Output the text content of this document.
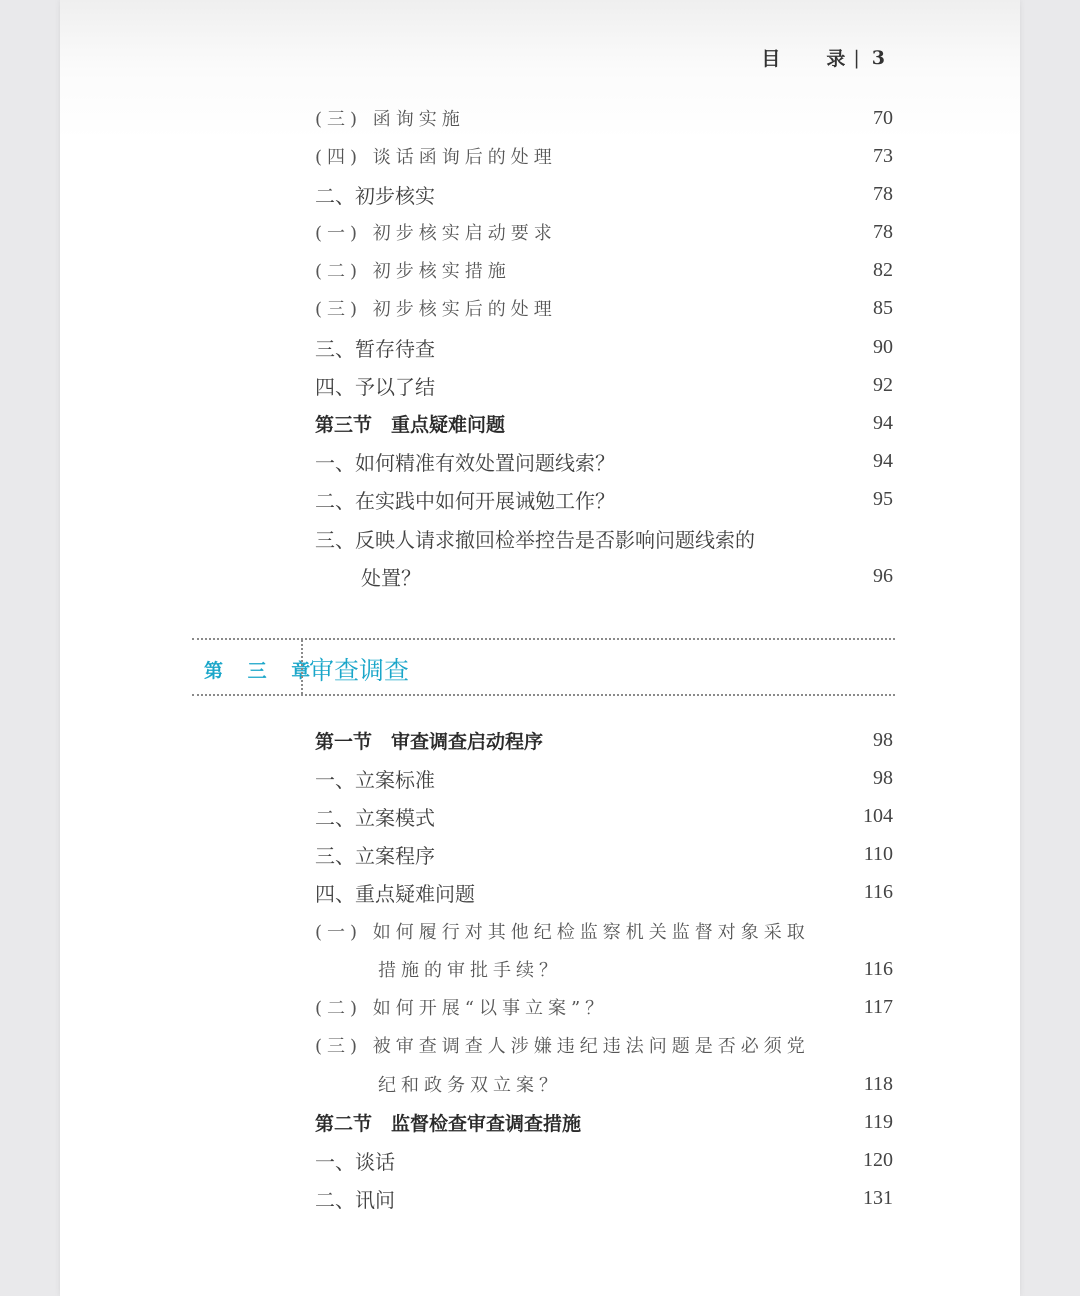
目 录 | 3
(三) 函询实施	70
(四) 谈话函询后的处理	73
二、初步核实	78
(一) 初步核实启动要求	78
(二) 初步核实措施	82
(三) 初步核实后的处理	85
三、暂存待查	90
四、予以了结	92
第三节　重点疑难问题	94
一、如何精准有效处置问题线索？	94
二、在实践中如何开展诫勉工作？	95
三、反映人请求撤回检举控告是否影响问题线索的
处置？	96
第 三 章
审查调查
第一节　审查调查启动程序	98
一、立案标准	98
二、立案模式	104
三、立案程序	110
四、重点疑难问题	116
(一) 如何履行对其他纪检监察机关监督对象采取
措施的审批手续？	116
(二) 如何开展“以事立案”？	117
(三) 被审查调查人涉嫌违纪违法问题是否必须党
纪和政务双立案？	118
第二节　监督检查审查调查措施	119
一、谈话	120
二、讯问	131
